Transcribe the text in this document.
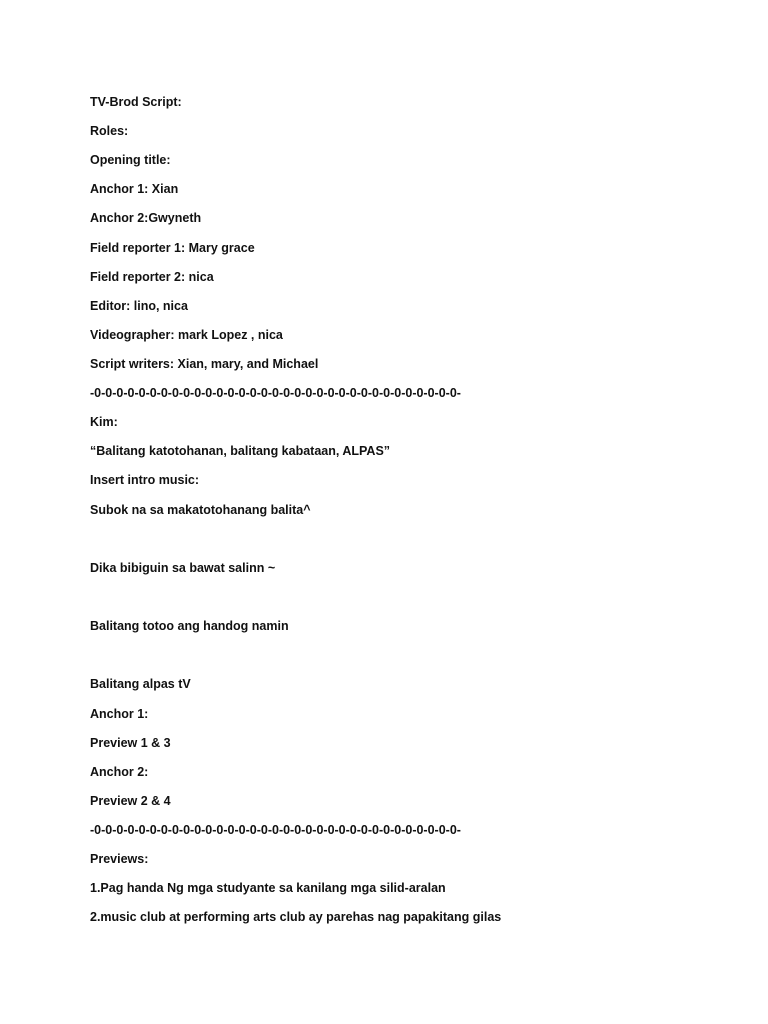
TV-Brod Script:
Roles:
Opening title:
Anchor 1: Xian
Anchor 2:Gwyneth
Field reporter 1: Mary grace
Field reporter 2: nica
Editor: lino, nica
Videographer: mark Lopez , nica
Script writers: Xian, mary, and Michael
-0-0-0-0-0-0-0-0-0-0-0-0-0-0-0-0-0-0-0-0-0-0-0-0-0-0-0-0-0-0-0-0-0-
Kim:
“Balitang katotohanan, balitang kabataan, ALPAS”
Insert intro music:
Subok na sa makatotohanang balita^
Dika bibiguin sa bawat salinn ~
Balitang totoo ang handog namin
Balitang alpas tV
Anchor 1:
Preview 1 & 3
Anchor 2:
Preview 2 & 4
-0-0-0-0-0-0-0-0-0-0-0-0-0-0-0-0-0-0-0-0-0-0-0-0-0-0-0-0-0-0-0-0-0-
Previews:
1.Pag handa Ng mga studyante sa kanilang mga silid-aralan
2.music club at performing arts club ay parehas nag papakitang gilas
